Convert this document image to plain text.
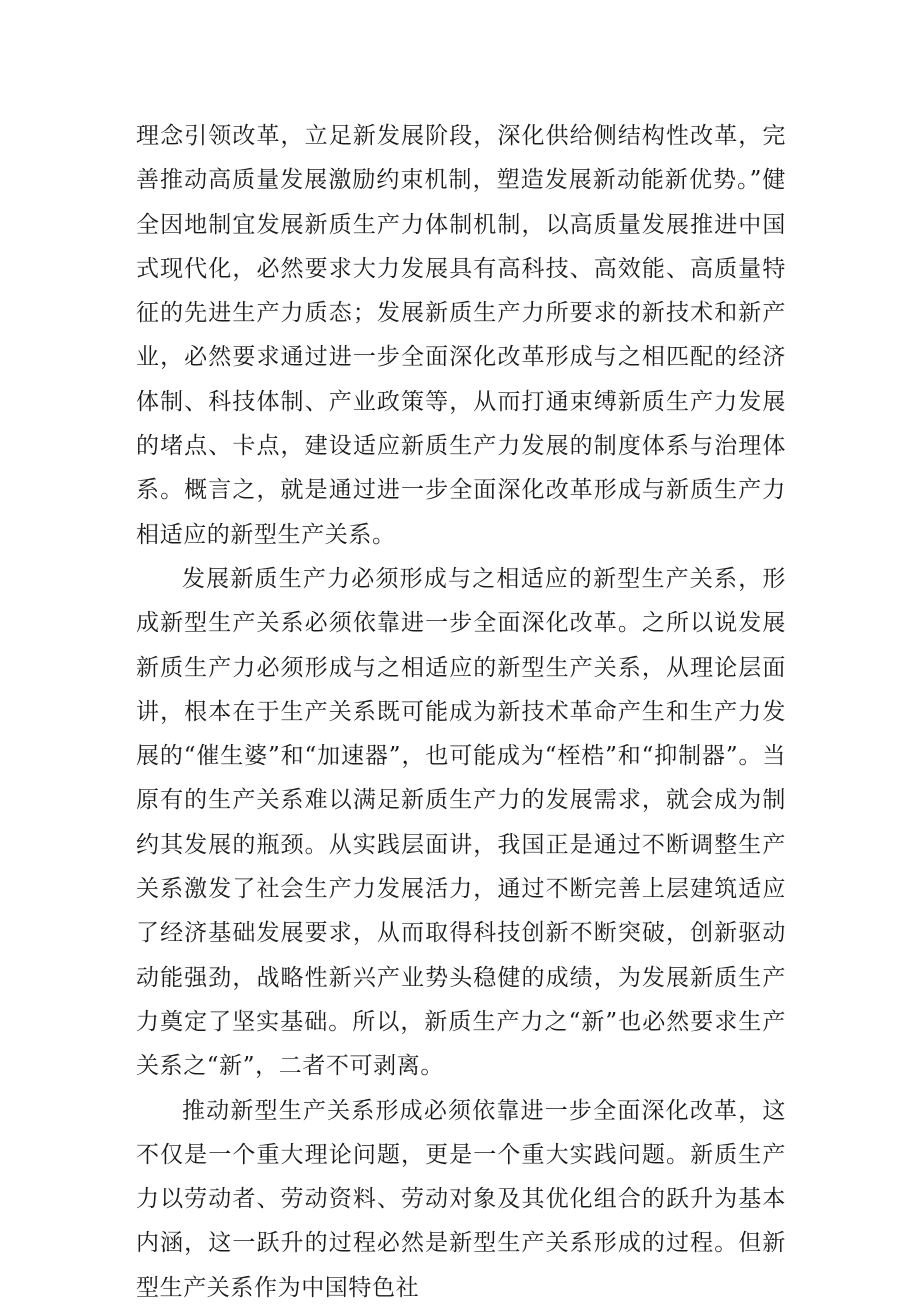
理念引领改革，立足新发展阶段，深化供给侧结构性改革，完善推动高质量发展激励约束机制，塑造发展新动能新优势。”健全因地制宜发展新质生产力体制机制，以高质量发展推进中国式现代化，必然要求大力发展具有高科技、高效能、高质量特征的先进生产力质态；发展新质生产力所要求的新技术和新产业，必然要求通过进一步全面深化改革形成与之相匹配的经济体制、科技体制、产业政策等，从而打通束缚新质生产力发展的堵点、卡点，建设适应新质生产力发展的制度体系与治理体系。概言之，就是通过进一步全面深化改革形成与新质生产力相适应的新型生产关系。

发展新质生产力必须形成与之相适应的新型生产关系，形成新型生产关系必须依靠进一步全面深化改革。之所以说发展新质生产力必须形成与之相适应的新型生产关系，从理论层面讲，根本在于生产关系既可能成为新技术革命产生和生产力发展的“催生婆”和“加速器”，也可能成为“桎梏”和“抑制器”。当原有的生产关系难以满足新质生产力的发展需求，就会成为制约其发展的瓶颈。从实践层面讲，我国正是通过不断调整生产关系激发了社会生产力发展活力，通过不断完善上层建筑适应了经济基础发展要求，从而取得科技创新不断突破，创新驱动动能强劲，战略性新兴产业势头稳健的成绩，为发展新质生产力奠定了坚实基础。所以，新质生产力之“新”也必然要求生产关系之“新”，二者不可剥离。

推动新型生产关系形成必须依靠进一步全面深化改革，这不仅是一个重大理论问题，更是一个重大实践问题。新质生产力以劳动者、劳动资料、劳动对象及其优化组合的跃升为基本内涵，这一跃升的过程必然是新型生产关系形成的过程。但新型生产关系作为中国特色社
